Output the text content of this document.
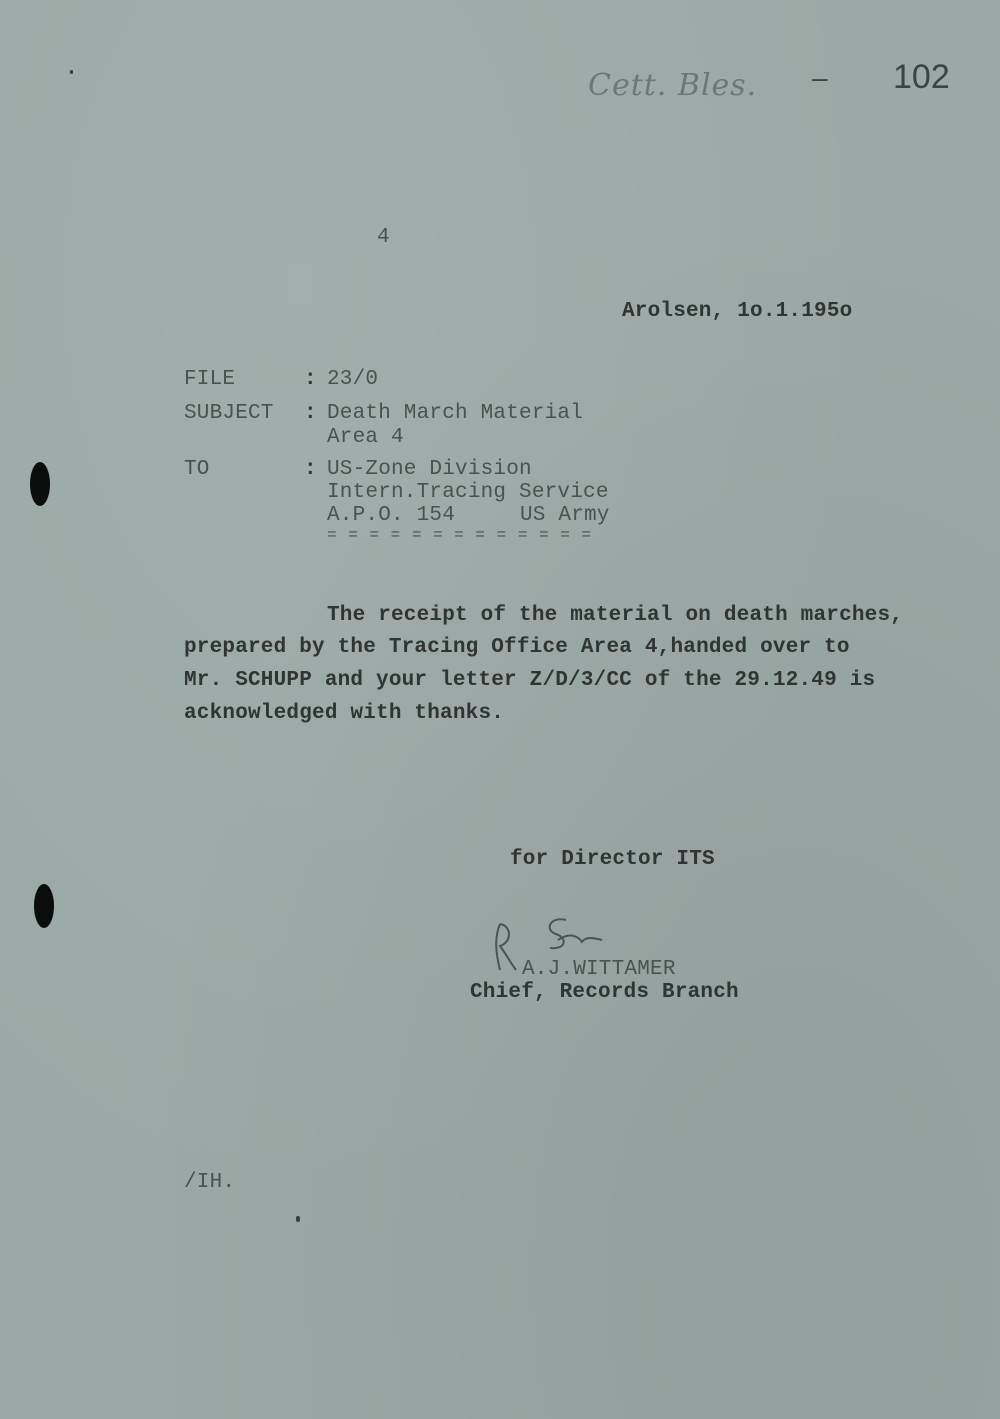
Cett. Bles. – 102
4
Arolsen, 1o.1.195o
FILE	: 23/0
SUBJECT : Death March Material
Area 4
TO	: US-Zone Division
Intern.Tracing Service
A.P.O. 154	US Army
= = = = = = = = = = = = =
The receipt of the material on death marches,
prepared by the Tracing Office Area 4,handed over to
Mr. SCHUPP and your letter Z/D/3/CC of the 29.12.49 is
acknowledged with thanks.
for Director ITS
A.J.WITTAMER
Chief, Records Branch
/IH.
